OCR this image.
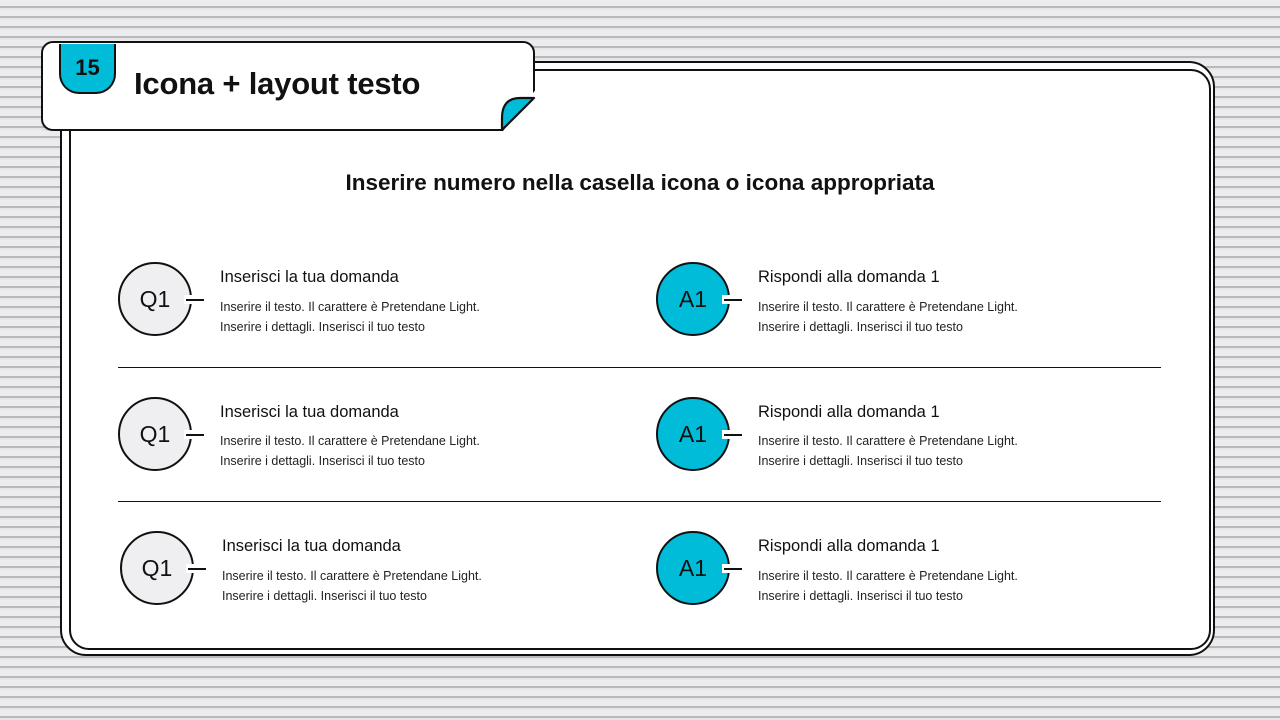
15 Icona + layout testo
Inserire numero nella casella icona o icona appropriata
Q1
Inserisci la tua domanda
Inserire il testo. Il carattere è Pretendane Light.
Inserire i dettagli. Inserisci il tuo testo
A1
Rispondi alla domanda 1
Inserire il testo. Il carattere è Pretendane Light.
Inserire i dettagli. Inserisci il tuo testo
Q1
Inserisci la tua domanda
Inserire il testo. Il carattere è Pretendane Light.
Inserire i dettagli. Inserisci il tuo testo
A1
Rispondi alla domanda 1
Inserire il testo. Il carattere è Pretendane Light.
Inserire i dettagli. Inserisci il tuo testo
Q1
Inserisci la tua domanda
Inserire il testo. Il carattere è Pretendane Light.
Inserire i dettagli. Inserisci il tuo testo
A1
Rispondi alla domanda 1
Inserire il testo. Il carattere è Pretendane Light.
Inserire i dettagli. Inserisci il tuo testo
